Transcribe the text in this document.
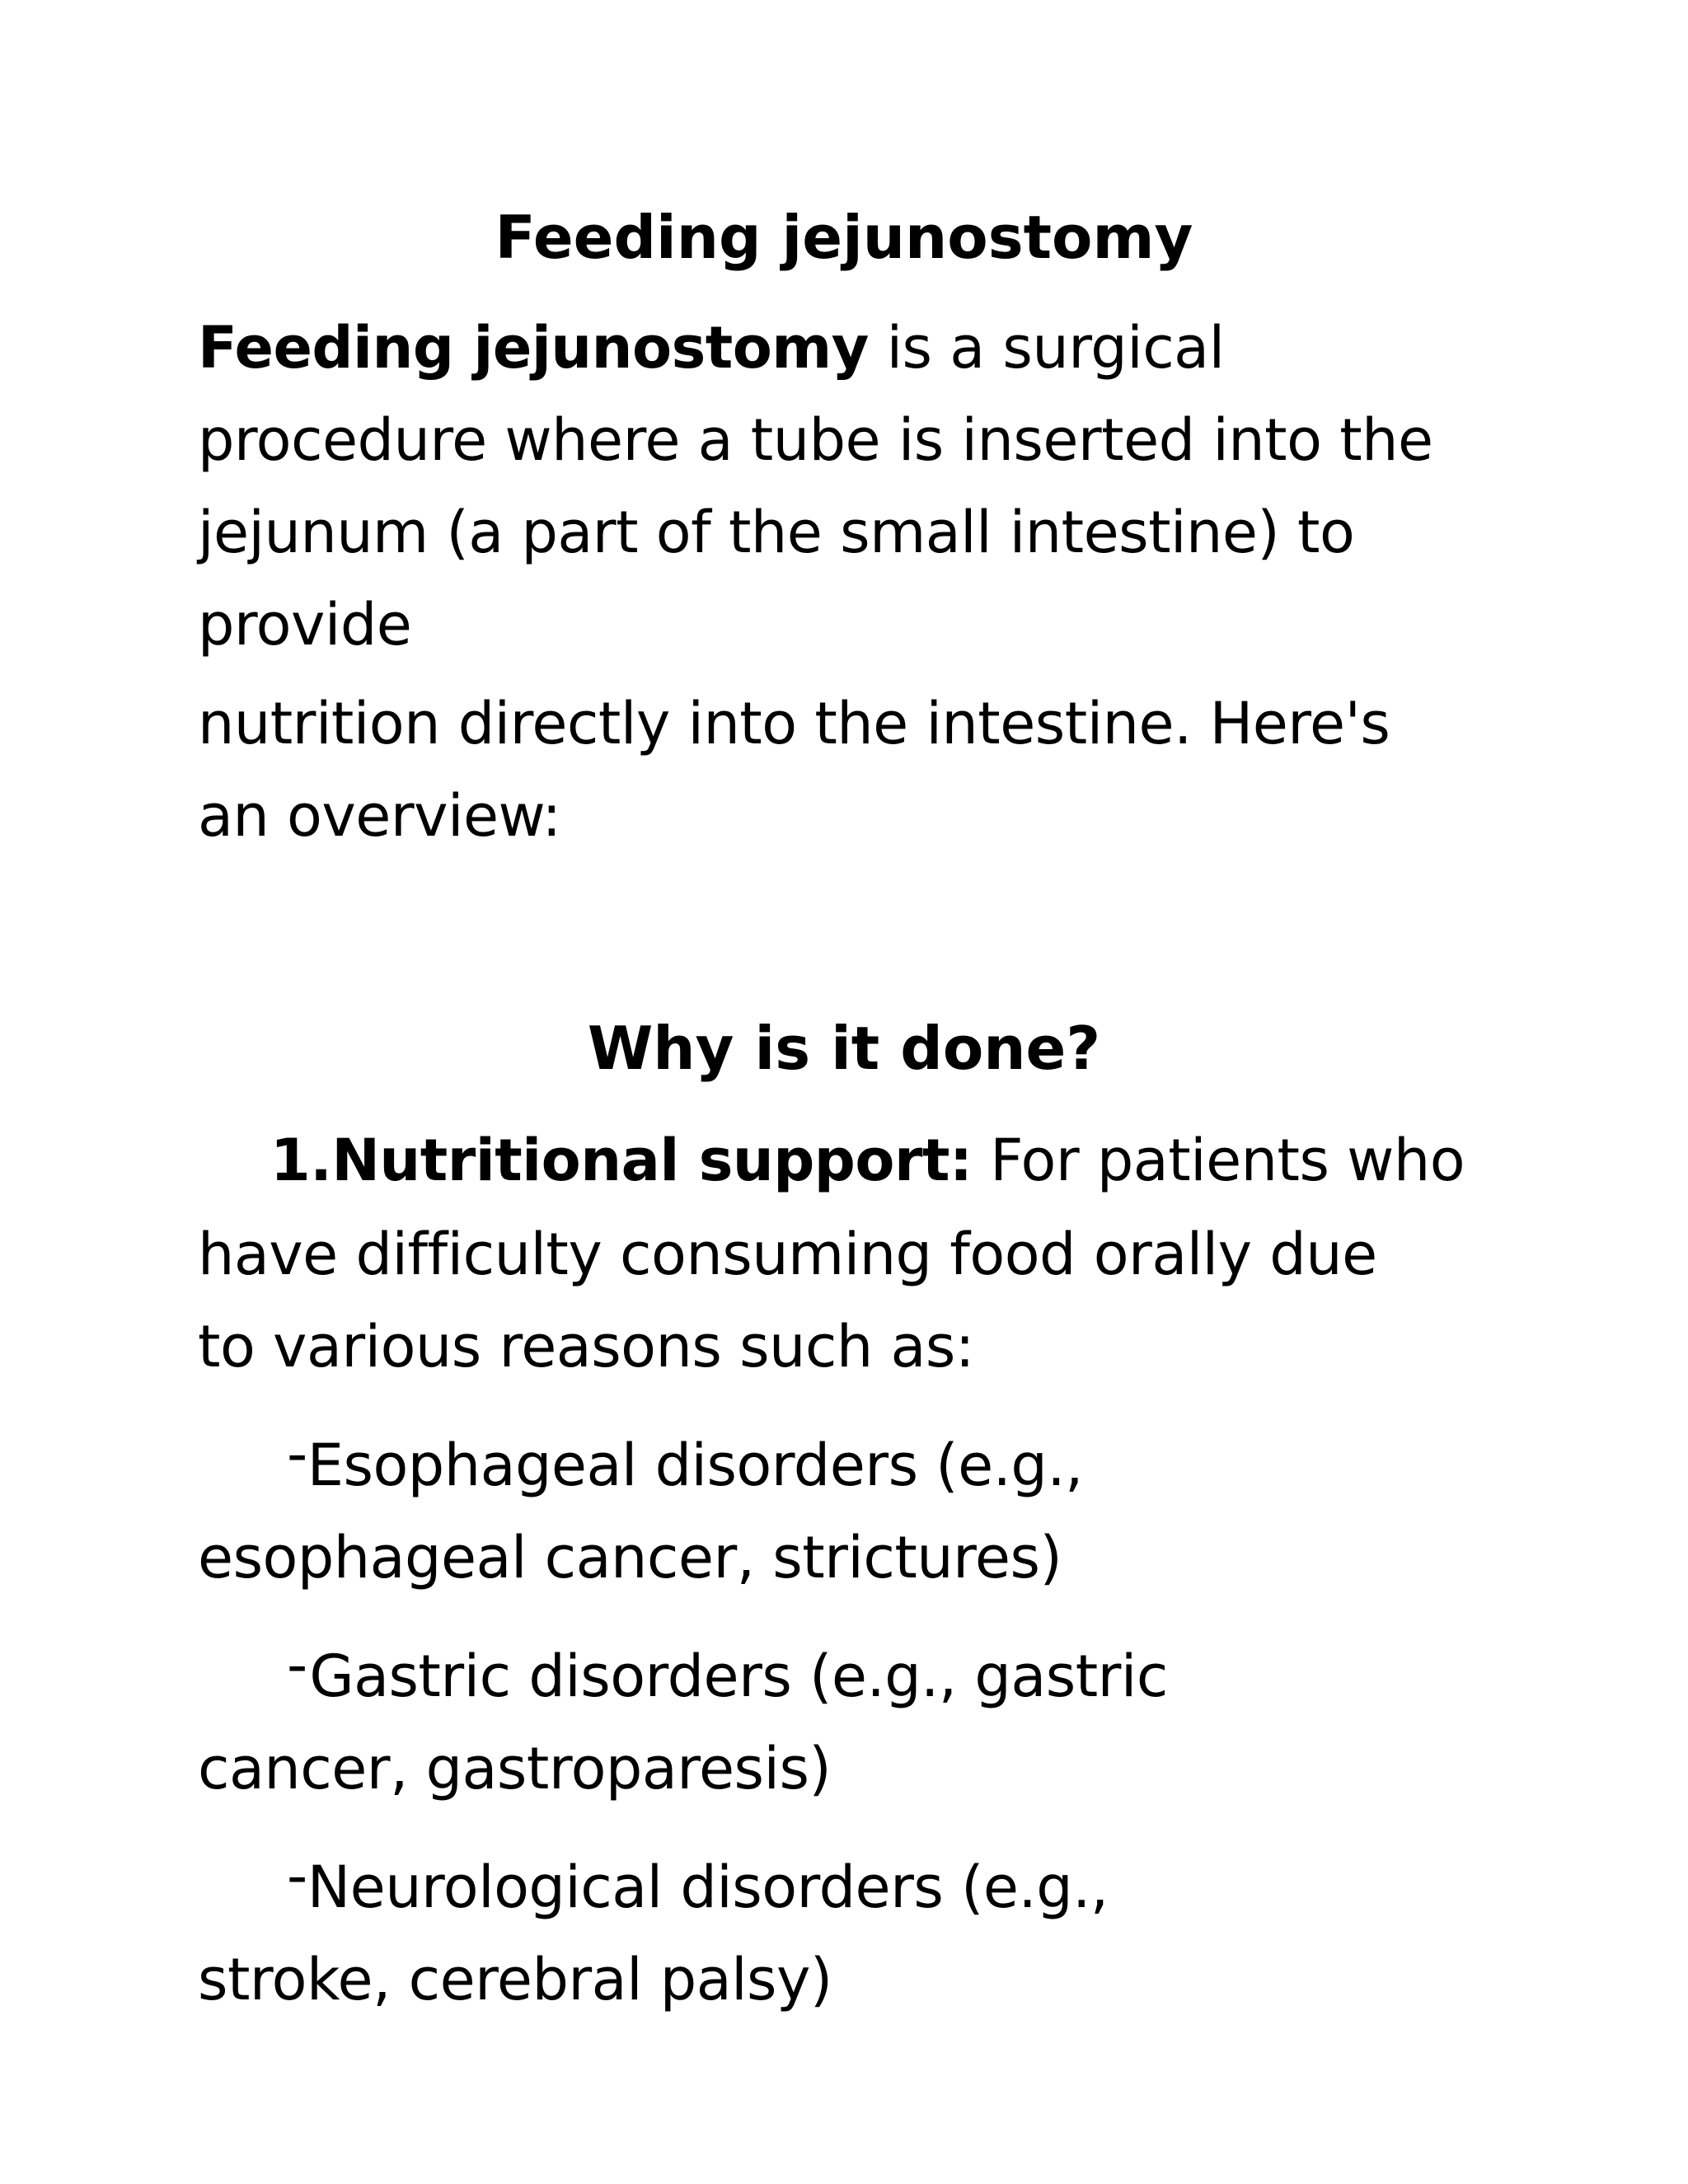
Feeding jejunostomy
Feeding jejunostomy is a surgical
procedure where a tube is inserted into the
jejunum (a part of the small intestine) to
provide
nutrition directly into the intestine. Here's
an overview:
Why is it done?
1.Nutritional support: For patients who
have difficulty consuming food orally due
to various reasons such as:
-Esophageal disorders (e.g.,
esophageal cancer, strictures)
-Gastric disorders (e.g., gastric
cancer, gastroparesis)
-Neurological disorders (e.g.,
stroke, cerebral palsy)
